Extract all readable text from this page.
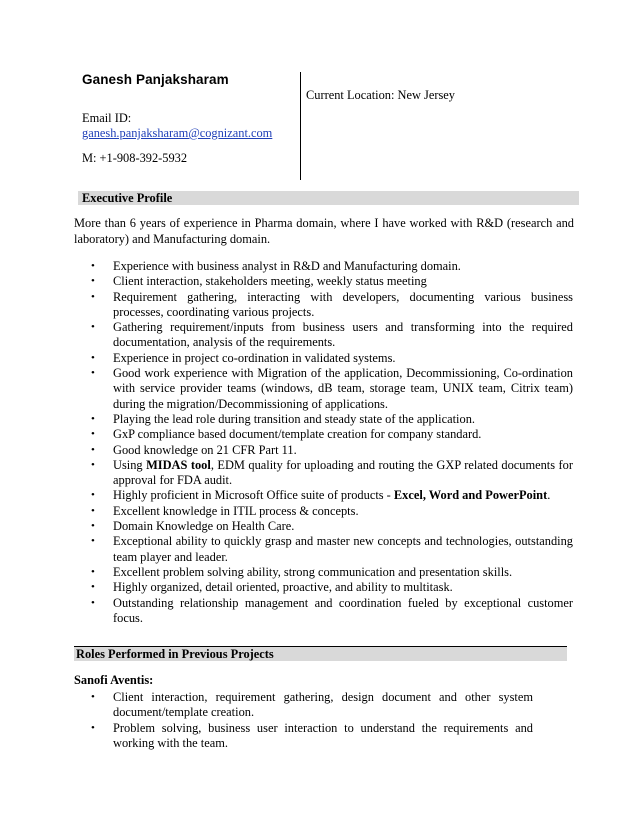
Ganesh Panjaksharam
Email ID:
ganesh.panjaksharam@cognizant.com
M: +1-908-392-5932
Current Location: New Jersey
Executive Profile
More than 6 years of experience in Pharma domain, where I have worked with R&D (research and laboratory) and Manufacturing domain.
• Experience with business analyst in R&D and Manufacturing domain.
• Client interaction, stakeholders meeting, weekly status meeting
• Requirement gathering, interacting with developers, documenting various business processes, coordinating various projects.
• Gathering requirement/inputs from business users and transforming into the required documentation, analysis of the requirements.
• Experience in project co-ordination in validated systems.
• Good work experience with Migration of the application, Decommissioning, Co-ordination with service provider teams (windows, dB team, storage team, UNIX team, Citrix team) during the migration/Decommissioning of applications.
• Playing the lead role during transition and steady state of the application.
• GxP compliance based document/template creation for company standard.
• Good knowledge on 21 CFR Part 11.
• Using MIDAS tool, EDM quality for uploading and routing the GXP related documents for approval for FDA audit.
• Highly proficient in Microsoft Office suite of products - Excel, Word and PowerPoint.
• Excellent knowledge in ITIL process & concepts.
• Domain Knowledge on Health Care.
• Exceptional ability to quickly grasp and master new concepts and technologies, outstanding team player and leader.
• Excellent problem solving ability, strong communication and presentation skills.
• Highly organized, detail oriented, proactive, and ability to multitask.
• Outstanding relationship management and coordination fueled by exceptional customer focus.
Roles Performed in Previous Projects
Sanofi Aventis:
• Client interaction, requirement gathering, design document and other system document/template creation.
• Problem solving, business user interaction to understand the requirements and working with the team.
